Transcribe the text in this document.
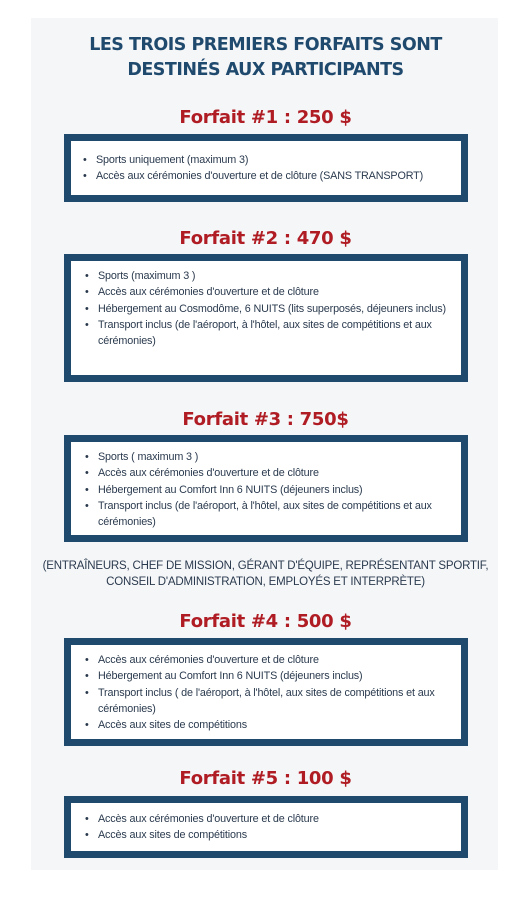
LES TROIS PREMIERS FORFAITS SONT
DESTINÉS AUX PARTICIPANTS
Forfait #1 : 250 $
• Sports uniquement (maximum 3)
• Accès aux cérémonies d'ouverture et de clôture (SANS TRANSPORT)
Forfait #2 : 470 $
• Sports (maximum 3 )
• Accès aux cérémonies d'ouverture et de clôture
• Hébergement au Cosmodôme, 6 NUITS (lits superposés, déjeuners inclus)
• Transport inclus (de l'aéroport, à l'hôtel, aux sites de compétitions et aux cérémonies)
Forfait #3 : 750$
• Sports ( maximum 3 )
• Accès aux cérémonies d'ouverture et de clôture
• Hébergement au Comfort Inn 6 NUITS (déjeuners inclus)
• Transport inclus (de l'aéroport, à l'hôtel, aux sites de compétitions et aux cérémonies)

(ENTRAÎNEURS, CHEF DE MISSION, GÉRANT D'ÉQUIPE, REPRÉSENTANT SPORTIF,
CONSEIL D'ADMINISTRATION, EMPLOYÉS ET INTERPRÈTE)

Forfait #4 : 500 $
• Accès aux cérémonies d'ouverture et de clôture
• Hébergement au Comfort Inn 6 NUITS (déjeuners inclus)
• Transport inclus ( de l'aéroport, à l'hôtel, aux sites de compétitions et aux cérémonies)
• Accès aux sites de compétitions
Forfait #5 : 100 $
• Accès aux cérémonies d'ouverture et de clôture
• Accès aux sites de compétitions
